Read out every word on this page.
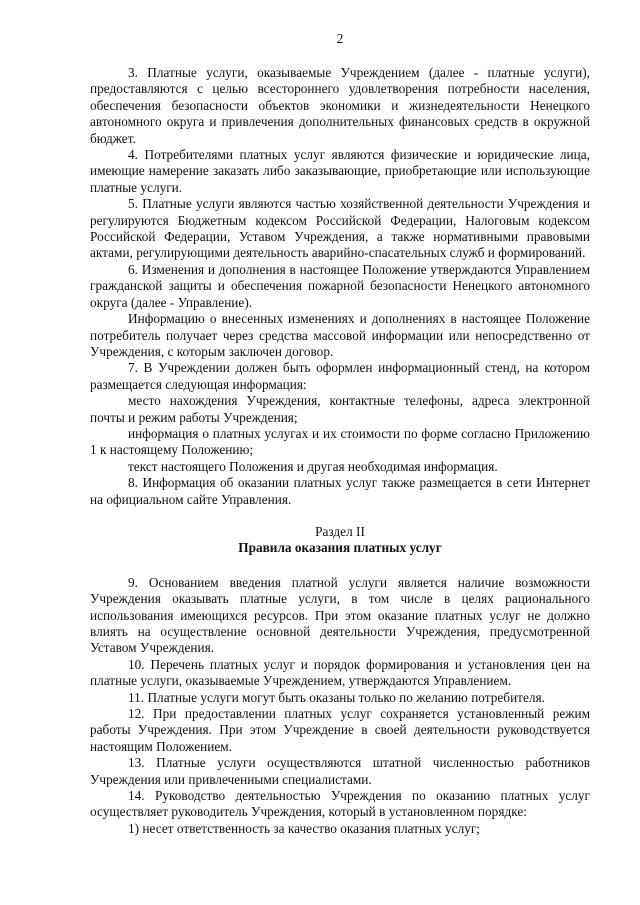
2

3. Платные услуги, оказываемые Учреждением (далее - платные услуги), предоставляются с целью всестороннего удовлетворения потребности населения, обеспечения безопасности объектов экономики и жизнедеятельности Ненецкого автономного округа и привлечения дополнительных финансовых средств в окружной бюджет.

4. Потребителями платных услуг являются физические и юридические лица, имеющие намерение заказать либо заказывающие, приобретающие или использующие платные услуги.

5. Платные услуги являются частью хозяйственной деятельности Учреждения и регулируются Бюджетным кодексом Российской Федерации, Налоговым кодексом Российской Федерации, Уставом Учреждения, а также нормативными правовыми актами, регулирующими деятельность аварийно-спасательных служб и формирований.

6. Изменения и дополнения в настоящее Положение утверждаются Управлением гражданской защиты и обеспечения пожарной безопасности Ненецкого автономного округа (далее - Управление).

Информацию о внесенных изменениях и дополнениях в настоящее Положение потребитель получает через средства массовой информации или непосредственно от Учреждения, с которым заключен договор.

7. В Учреждении должен быть оформлен информационный стенд, на котором размещается следующая информация:

место нахождения Учреждения, контактные телефоны, адреса электронной почты и режим работы Учреждения;

информация о платных услугах и их стоимости по форме согласно Приложению 1 к настоящему Положению;

текст настоящего Положения и другая необходимая информация.

8. Информация об оказании платных услуг также размещается в сети Интернет на официальном сайте Управления.

Раздел II
Правила оказания платных услуг

9. Основанием введения платной услуги является наличие возможности Учреждения оказывать платные услуги, в том числе в целях рационального использования имеющихся ресурсов. При этом оказание платных услуг не должно влиять на осуществление основной деятельности Учреждения, предусмотренной Уставом Учреждения.

10. Перечень платных услуг и порядок формирования и установления цен на платные услуги, оказываемые Учреждением, утверждаются Управлением.

11. Платные услуги могут быть оказаны только по желанию потребителя.

12. При предоставлении платных услуг сохраняется установленный режим работы Учреждения. При этом Учреждение в своей деятельности руководствуется настоящим Положением.

13. Платные услуги осуществляются штатной численностью работников Учреждения или привлеченными специалистами.

14. Руководство деятельностью Учреждения по оказанию платных услуг осуществляет руководитель Учреждения, который в установленном порядке:

1) несет ответственность за качество оказания платных услуг;
